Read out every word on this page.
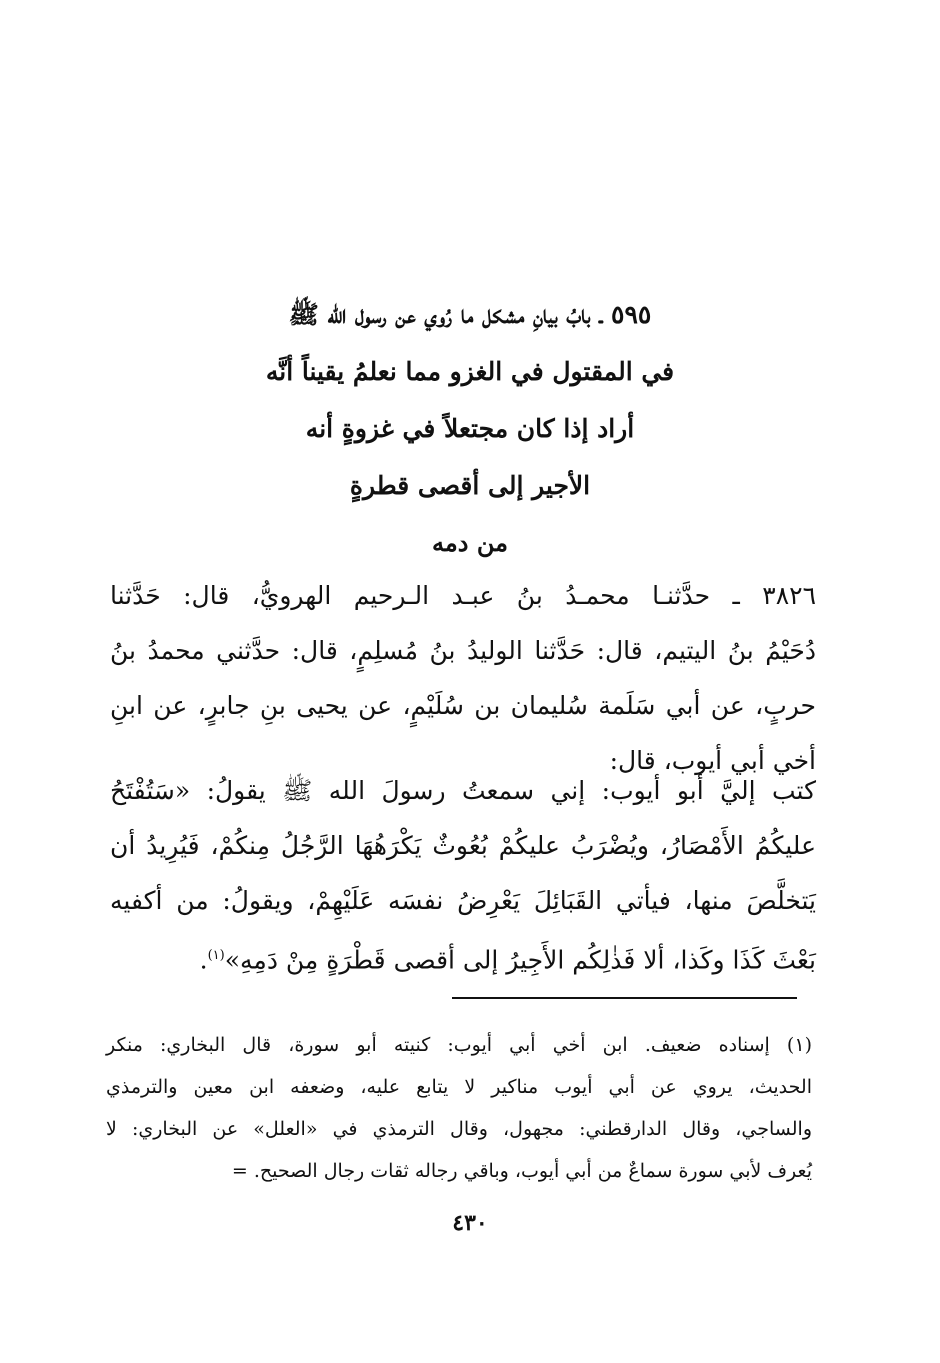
٥٩٥ ـ بابُ بيانِ مشكل ما رُوي عن رسول الله ﷺ
في المقتول في الغزو مما نعلمُ يقيناً أنَّه
أراد إذا كان مجتعلاً في غزوةٍ أنه
الأجير إلى أقصى قطرةٍ
من دمه
٣٨٢٦ ـ حدَّثنـا محمـدُ بنُ عبـد الـرحيم الهرويُّ، قال: حَدَّثنا
دُحَيْمُ بنُ اليتيم، قال: حَدَّثنا الوليدُ بنُ مُسلِمٍ، قال: حدَّثني محمدُ بنُ
حربٍ، عن أبي سَلَمة سُليمان بن سُلَيْمٍ، عن يحيى بنِ جابرٍ، عن ابنِ
أخي أبي أيوب، قال:
كتب إليَّ أبو أيوب: إني سمعتُ رسولَ الله ﷺ يقولُ: «سَتُفْتَحُ
عليكُمُ الأَمْصَارُ، ويُضْرَبُ عليكُمْ بُعُوثٌ يَكْرَهُهَا الرَّجُلُ مِنكُمْ، فَيُرِيدُ أن
يَتخلَّصَ منها، فيأتي القَبَائِلَ يَعْرِضُ نفسَه عَلَيْهِمْ، ويقولُ: من أكفيه
بَعْثَ كَذَا وكَذا، ألا فَذٰلِكُم الأَجِيرُ إلى أقصى قَطْرَةٍ مِنْ دَمِهِ»$^{(١)}$.
(١) إسناده ضعيف. ابن أخي أبي أيوب: كنيته أبو سورة، قال البخاري: منكر
الحديث، يروي عن أبي أيوب مناكير لا يتابع عليه، وضعفه ابن معين والترمذي
والساجي، وقال الدارقطني: مجهول، وقال الترمذي في «العلل» عن البخاري: لا
يُعرف لأبي سورة سماعٌ من أبي أيوب، وباقي رجاله ثقات رجال الصحيح. =
٤٣٠
